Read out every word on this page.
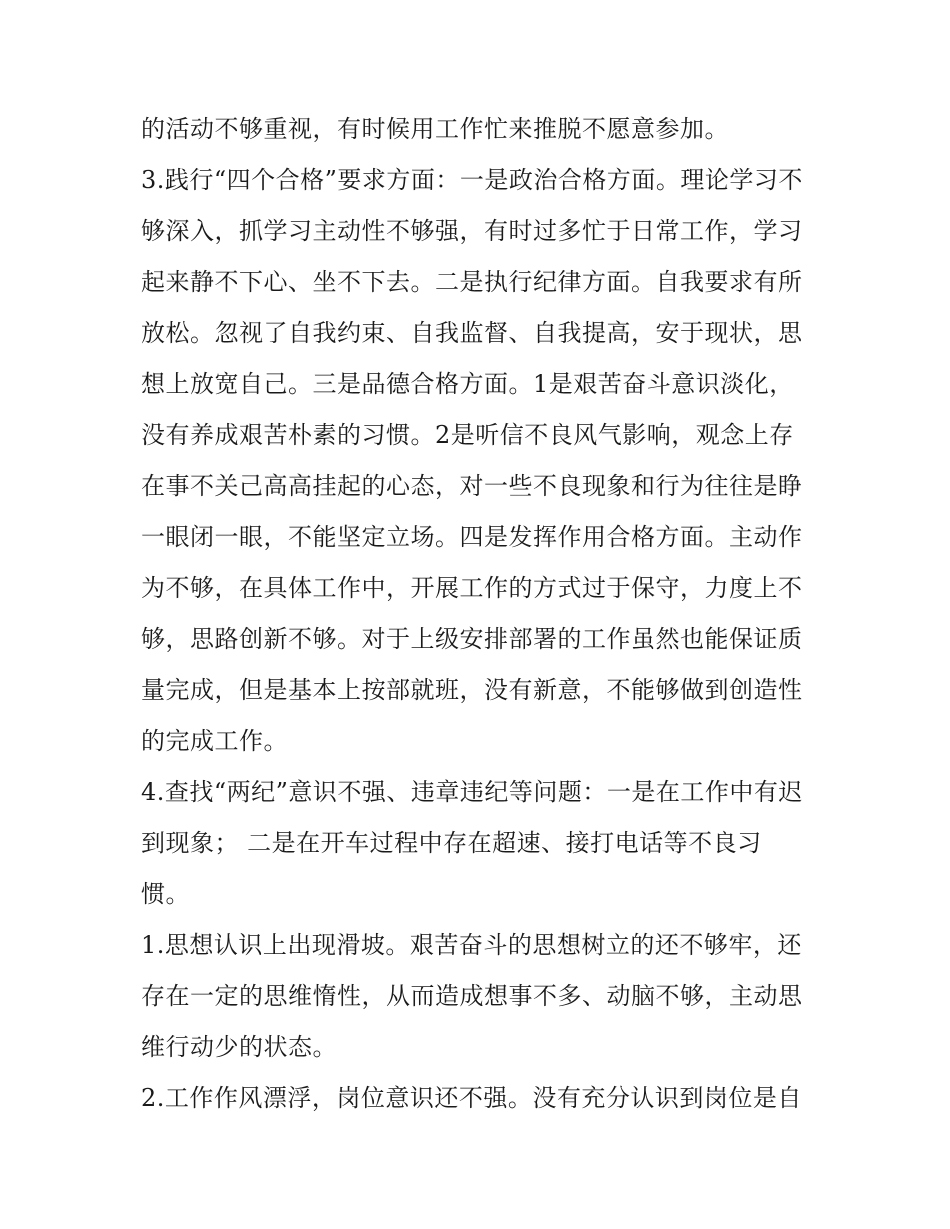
的活动不够重视，有时候用工作忙来推脱不愿意参加。
3.践行“四个合格”要求方面：一是政治合格方面。理论学习不
够深入，抓学习主动性不够强，有时过多忙于日常工作，学习
起来静不下心、坐不下去。二是执行纪律方面。自我要求有所
放松。忽视了自我约束、自我监督、自我提高，安于现状，思
想上放宽自己。三是品德合格方面。1是艰苦奋斗意识淡化，
没有养成艰苦朴素的习惯。2是听信不良风气影响，观念上存
在事不关己高高挂起的心态，对一些不良现象和行为往往是睁
一眼闭一眼，不能坚定立场。四是发挥作用合格方面。主动作
为不够，在具体工作中，开展工作的方式过于保守，力度上不
够，思路创新不够。对于上级安排部署的工作虽然也能保证质
量完成，但是基本上按部就班，没有新意，不能够做到创造性
的完成工作。
4.查找“两纪”意识不强、违章违纪等问题：一是在工作中有迟
到现象； 二是在开车过程中存在超速、接打电话等不良习
惯。
1.思想认识上出现滑坡。艰苦奋斗的思想树立的还不够牢，还
存在一定的思维惰性，从而造成想事不多、动脑不够，主动思
维行动少的状态。
2.工作作风漂浮，岗位意识还不强。没有充分认识到岗位是自
